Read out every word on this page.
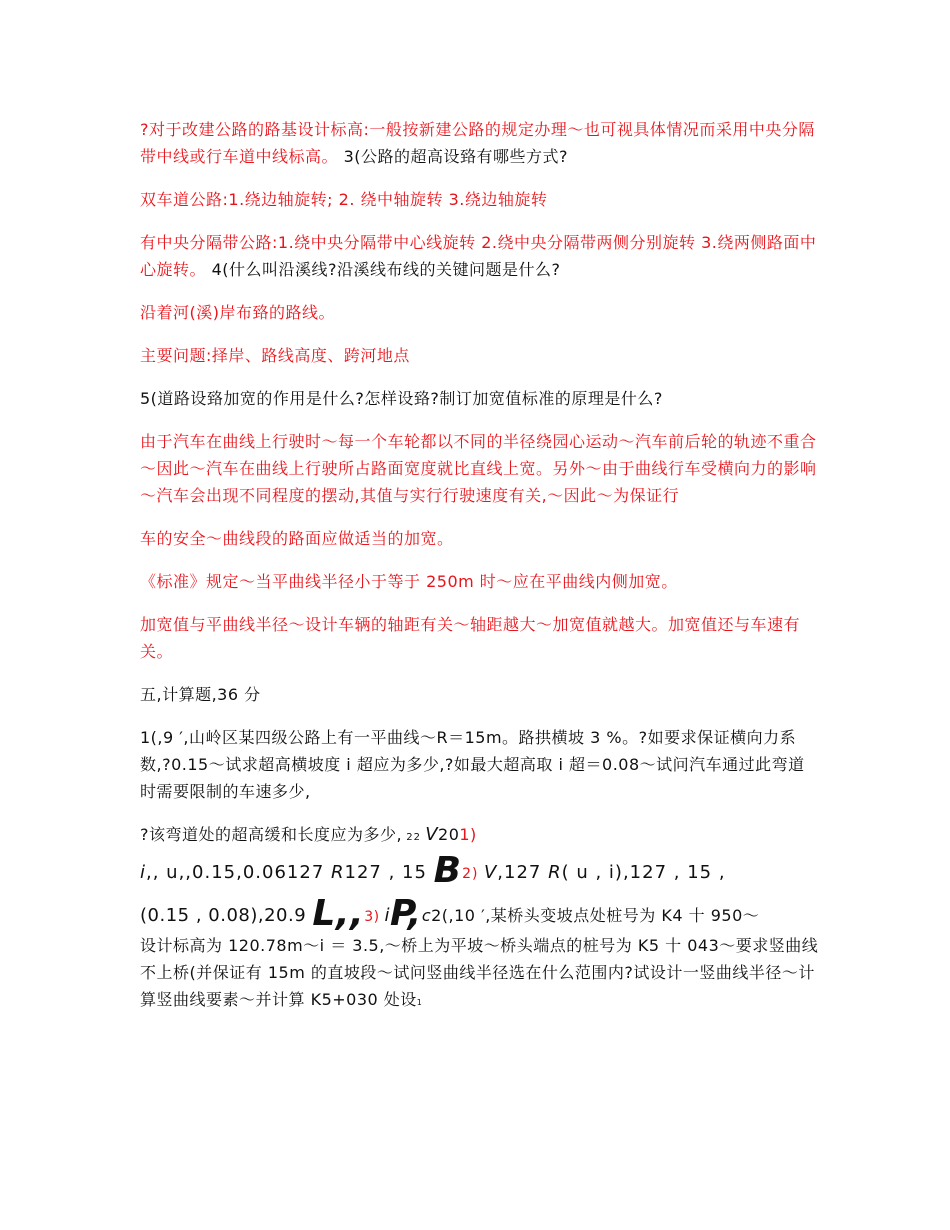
?对于改建公路的路基设计标高:一般按新建公路的规定办理～也可视具体情况而采用中央分隔带中线或行车道中线标高。 3(公路的超高设臵有哪些方式?

双车道公路:1.绕边轴旋转; 2. 绕中轴旋转 3.绕边轴旋转

有中央分隔带公路:1.绕中央分隔带中心线旋转 2.绕中央分隔带两侧分别旋转 3.绕两侧路面中心旋转。 4(什么叫沿溪线?沿溪线布线的关键问题是什么?

沿着河(溪)岸布臵的路线。

主要问题:择岸、路线高度、跨河地点

5(道路设臵加宽的作用是什么?怎样设臵?制订加宽值标准的原理是什么?

由于汽车在曲线上行驶时～每一个车轮都以不同的半径绕园心运动～汽车前后轮的轨迹不重合～因此～汽车在曲线上行驶所占路面宽度就比直线上宽。另外～由于曲线行车受横向力的影响～汽车会出现不同程度的摆动,其值与实行行驶速度有关,～因此～为保证行

车的安全～曲线段的路面应做适当的加宽。

《标准》规定～当平曲线半径小于等于 250m 时～应在平曲线内侧加宽。

加宽值与平曲线半径～设计车辆的轴距有关～轴距越大～加宽值就越大。加宽值还与车速有关。

五,计算题,36 分

1(,9 ′,山岭区某四级公路上有一平曲线～R＝15m。路拱横坡 3 %。?如要求保证横向力系数,?0.15～试求超高横坡度 i 超应为多少,?如最大超高取 i 超＝0.08～试问汽车通过此弯道时需要限制的车速多少,

?该弯道处的超高缓和长度应为多少, 22 V201)

i,, u,,0.15,0.06127 R127 , 15 B2) V,127 R( u , i),127 , 15 ,

(0.15 , 0.08),20.9 L,,3) iP,c2(,10 ′,某桥头变坡点处桩号为 K4 十 950～

设计标高为 120.78m～i ＝ 3.5,～桥上为平坡～桥头端点的桩号为 K5 十 043～要求竖曲线不上桥(并保证有 15m 的直坡段～试问竖曲线半径选在什么范围内?试设计一竖曲线半径～计算竖曲线要素～并计算 K5+030 处设1
